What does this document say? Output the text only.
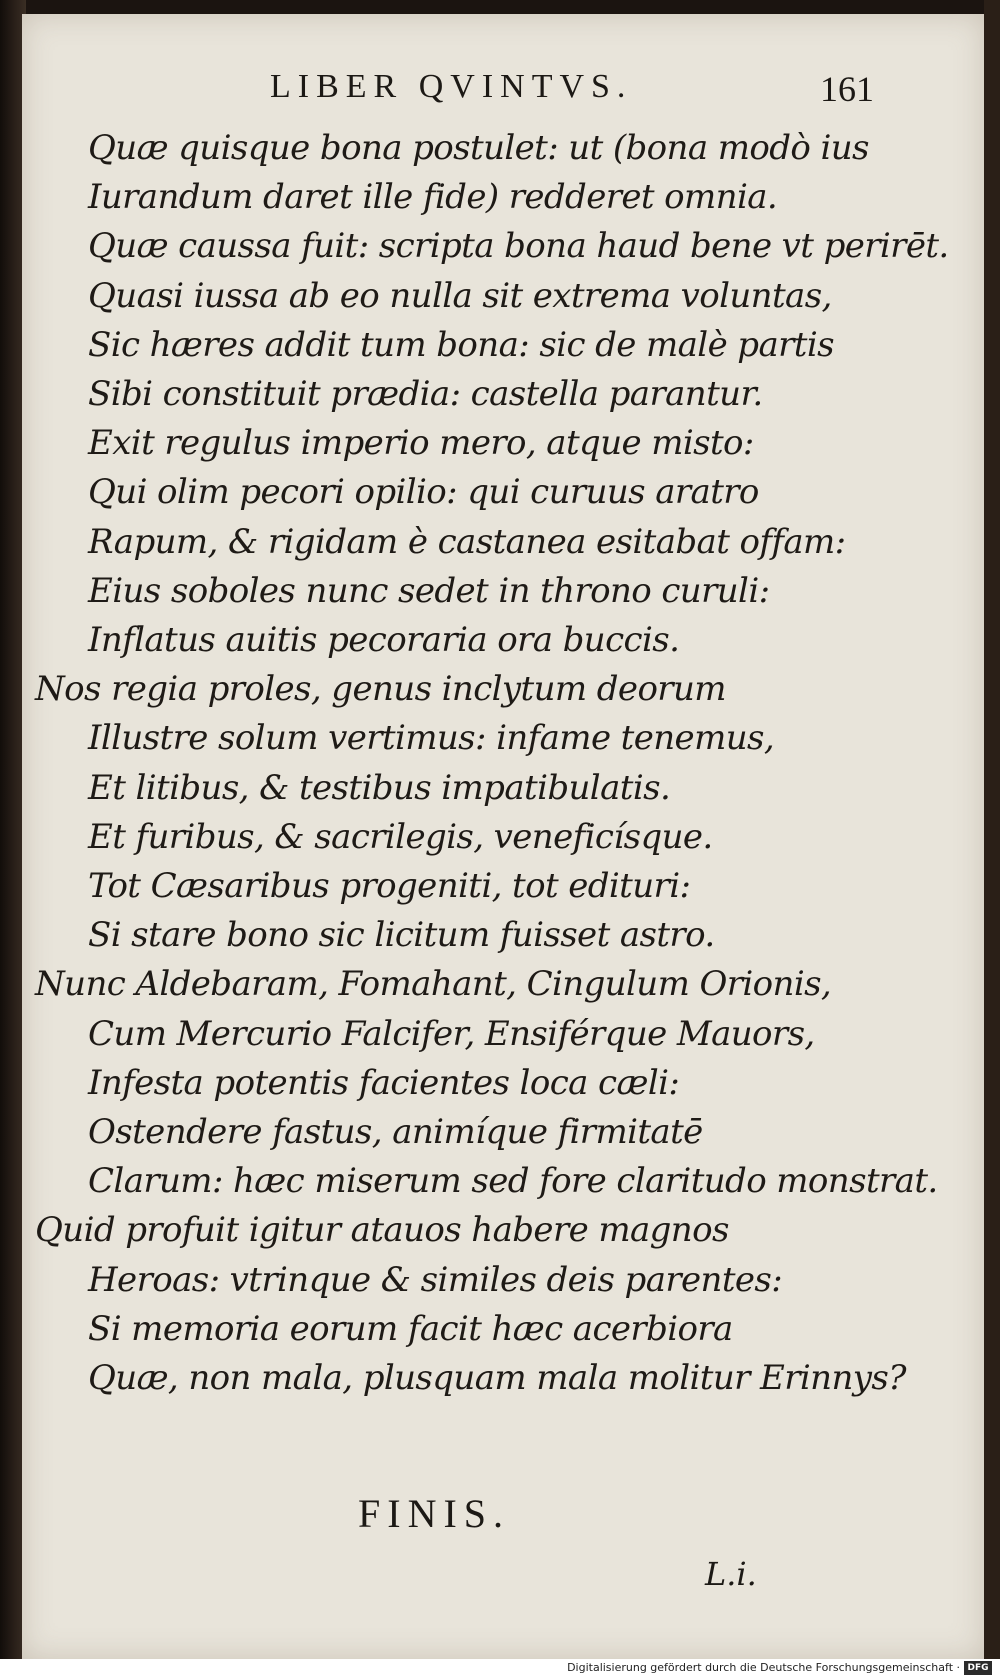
LIBER QVINTVS.	161
Quæ quisque bona postulet: ut (bona modò ius
Iurandum daret ille fide) redderet omnia.
Quæ caussa fuit: scripta bona haud bene vt perirēt.
Quasi iussa ab eo nulla sit extrema voluntas,
Sic hæres addit tum bona: sic de malè partis
Sibi constituit prædia: castella parantur.
Exit regulus imperio mero, atque misto:
Qui olim pecori opilio: qui curuus aratro
Rapum, & rigidam è castanea esitabat offam:
Eius soboles nunc sedet in throno curuli:
Inflatus auitis pecoraria ora buccis.
Nos regia proles, genus inclytum deorum
Illustre solum vertimus: infame tenemus,
Et litibus, & testibus impatibulatis.
Et furibus, & sacrilegis, veneficísque.
Tot Cæsaribus progeniti, tot edituri:
Si stare bono sic licitum fuisset astro.
Nunc Aldebaram, Fomahant, Cingulum Orionis,
Cum Mercurio Falcifer, Ensiférque Mauors,
Infesta potentis facientes loca cæli:
Ostendere fastus, animíque firmitatē
Clarum: hæc miserum sed fore claritudo monstrat.
Quid profuit igitur atauos habere magnos
Heroas: vtrinque & similes deis parentes:
Si memoria eorum facit hæc acerbiora
Quæ, non mala, plusquam mala molitur Erinnys?
FINIS.
L.i.
Digitalisierung gefördert durch die Deutsche Forschungsgemeinschaft · DFG
